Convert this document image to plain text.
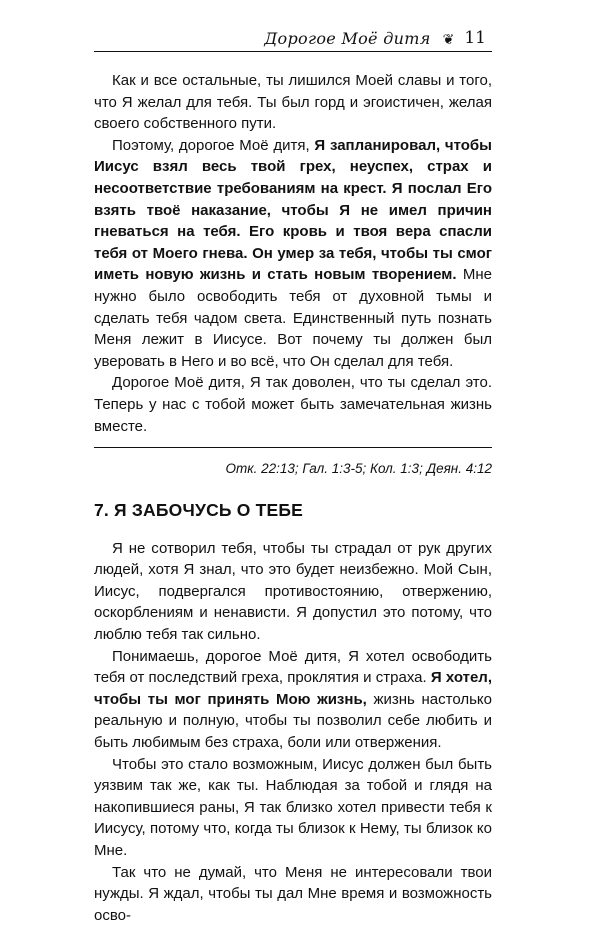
Дорогое Моё дитя ❦ 11

Как и все остальные, ты лишился Моей славы и того, что Я желал для тебя. Ты был горд и эгоистичен, желая своего собственного пути.

Поэтому, дорогое Моё дитя, Я запланировал, чтобы Иисус взял весь твой грех, неуспех, страх и несоответствие требованиям на крест. Я послал Его взять твоё наказание, чтобы Я не имел причин гневаться на тебя. Его кровь и твоя вера спасли тебя от Моего гнева. Он умер за тебя, чтобы ты смог иметь новую жизнь и стать новым творением. Мне нужно было освободить тебя от духовной тьмы и сделать тебя чадом света. Единственный путь познать Меня лежит в Иисусе. Вот почему ты должен был уверовать в Него и во всё, что Он сделал для тебя.

Дорогое Моё дитя, Я так доволен, что ты сделал это. Теперь у нас с тобой может быть замечательная жизнь вместе.

Отк. 22:13; Гал. 1:3-5; Кол. 1:3; Деян. 4:12
7. Я ЗАБОЧУСЬ О ТЕБЕ

Я не сотворил тебя, чтобы ты страдал от рук других людей, хотя Я знал, что это будет неизбежно. Мой Сын, Иисус, подвергался противостоянию, отвержению, оскорблениям и ненависти. Я допустил это потому, что люблю тебя так сильно.

Понимаешь, дорогое Моё дитя, Я хотел освободить тебя от последствий греха, проклятия и страха. Я хотел, чтобы ты мог принять Мою жизнь, жизнь настолько реальную и полную, чтобы ты позволил себе любить и быть любимым без страха, боли или отвержения.

Чтобы это стало возможным, Иисус должен был быть уязвим так же, как ты. Наблюдая за тобой и глядя на накопившиеся раны, Я так близко хотел привести тебя к Иисусу, потому что, когда ты близок к Нему, ты близок ко Мне.

Так что не думай, что Меня не интересовали твои нужды. Я ждал, чтобы ты дал Мне время и возможность осво-
